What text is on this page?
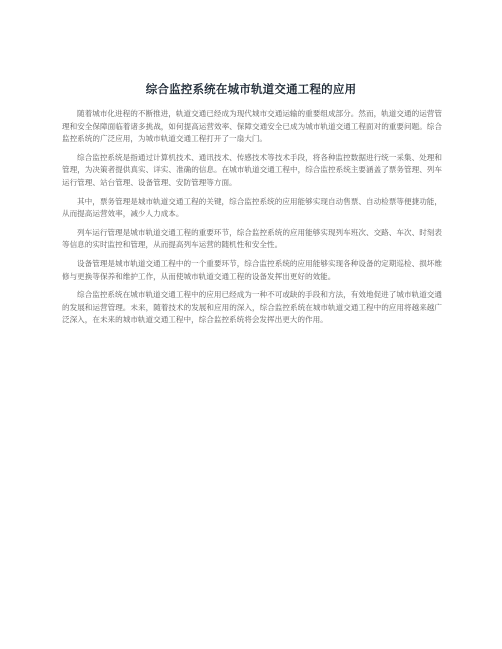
综合监控系统在城市轨道交通工程的应用

随着城市化进程的不断推进，轨道交通已经成为现代城市交通运输的重要组成部分。然而，轨道交通的运营管理和安全保障面临着诸多挑战，如何提高运营效率、保障交通安全已成为城市轨道交通工程面对的重要问题。综合监控系统的广泛应用，为城市轨道交通工程打开了一扇大门。

综合监控系统是指通过计算机技术、通讯技术、传感技术等技术手段，将各种监控数据进行统一采集、处理和管理，为决策者提供真实、详实、准确的信息。在城市轨道交通工程中，综合监控系统主要涵盖了票务管理、列车运行管理、站台管理、设备管理、安防管理等方面。

其中，票务管理是城市轨道交通工程的关键，综合监控系统的应用能够实现自动售票、自动检票等便捷功能，从而提高运营效率，减少人力成本。

列车运行管理是城市轨道交通工程的重要环节，综合监控系统的应用能够实现列车班次、交路、车次、时刻表等信息的实时监控和管理，从而提高列车运营的随机性和安全性。

设备管理是城市轨道交通工程中的一个重要环节，综合监控系统的应用能够实现各种设备的定期巡检、损坏维修与更换等保养和维护工作，从而使城市轨道交通工程的设备发挥出更好的效能。

综合监控系统在城市轨道交通工程中的应用已经成为一种不可或缺的手段和方法，有效地促进了城市轨道交通的发展和运营管理。未来，随着技术的发展和应用的深入，综合监控系统在城市轨道交通工程中的应用将越来越广泛深入，在未来的城市轨道交通工程中，综合监控系统将会发挥出更大的作用。
